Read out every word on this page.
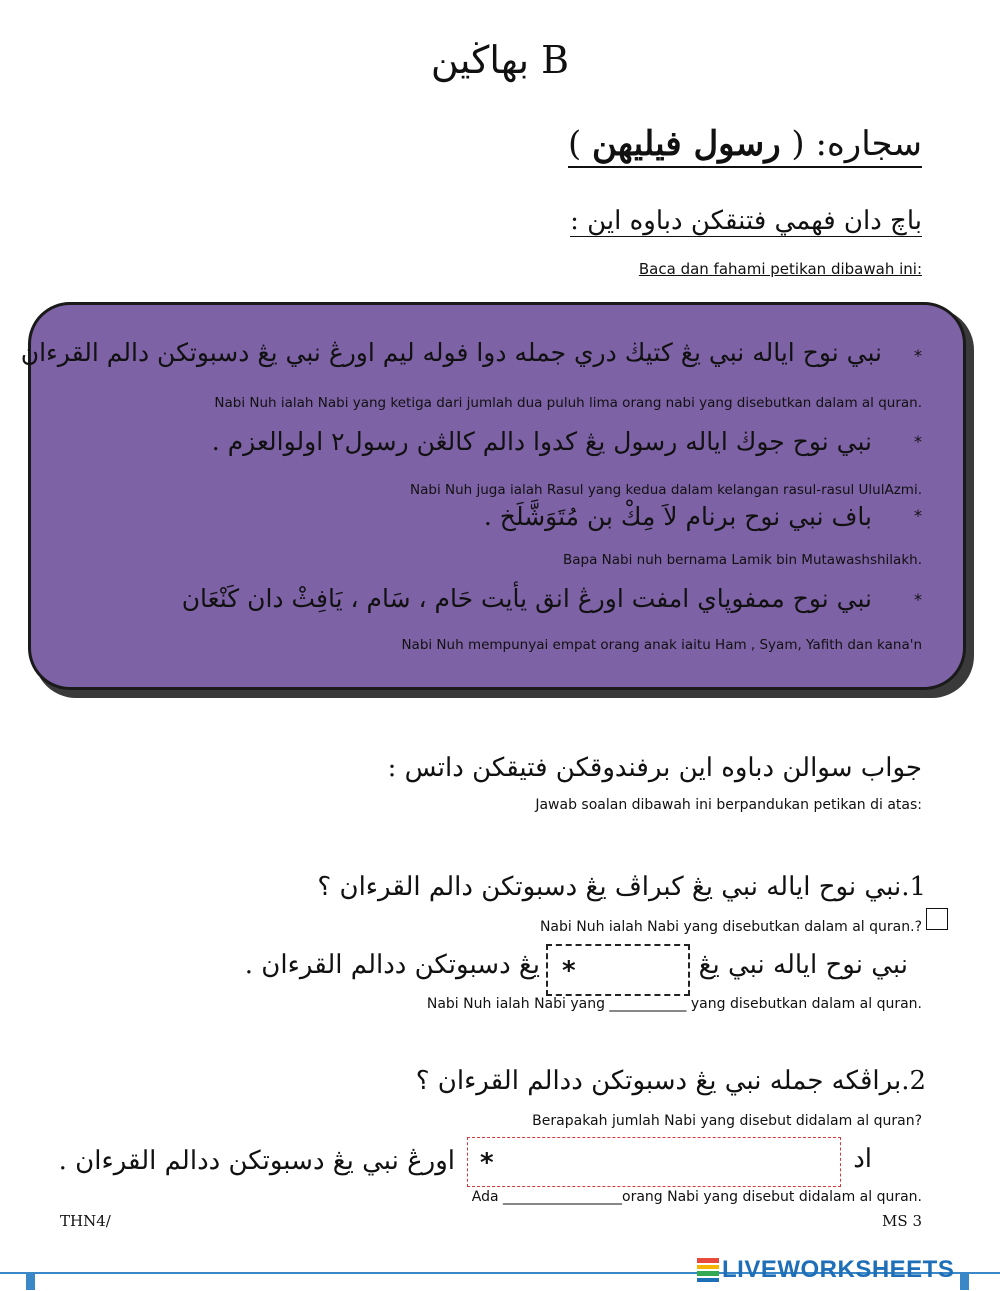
بهاڬين B
سجاره: ( رسول فيليهن )
باچ دان فهمي فتنقكن دباوه اين :
Baca dan fahami petikan dibawah ini:
*
نبي نوح اياله نبي يڠ كتيڬ دري جمله دوا فوله ليم اورڠ نبي يڠ دسبوتكن دالم القرءان
Nabi Nuh ialah Nabi yang ketiga dari jumlah dua puluh lima orang nabi yang disebutkan dalam al quran.
*
نبي نوح جوڬ اياله رسول يڠ كدوا دالم كالڠن رسول٢ اولوالعزم .
Nabi Nuh juga ialah Rasul yang kedua dalam kelangan rasul-rasul UlulAzmi.
*
باف نبي نوح برنام لاَ مِكْ بن مُتَوَشَّلَخ .
Bapa Nabi nuh bernama Lamik bin Mutawashshilakh.
*
نبي نوح ممفوڽاي امفت اورڠ انق يأيت حَام ، سَام ، يَافِثْ دان كَنْعَان
Nabi Nuh mempunyai empat orang anak iaitu Ham , Syam, Yafith dan kana'n
جواب سوالن دباوه اين برفندوقكن فتيقكن داتس :
Jawab soalan dibawah ini berpandukan petikan di atas:
1.نبي نوح اياله نبي يڠ كبراڤ يڠ دسبوتكن دالم القرءان ؟
Nabi Nuh ialah Nabi yang disebutkan dalam al quran.?
نبي نوح اياله نبي يڠ
*
يڠ دسبوتكن ددالم القرءان .
Nabi Nuh ialah Nabi yang ___________ yang disebutkan dalam al quran.
2.براڤكه جمله نبي يڠ دسبوتكن ددالم القرءان ؟
Berapakah jumlah Nabi yang disebut didalam al quran?
اد
*
اورڠ نبي يڠ دسبوتكن ددالم القرءان .
Ada _________________orang Nabi yang disebut didalam al quran.
THN4/	MS 3
LIVEWORKSHEETS
